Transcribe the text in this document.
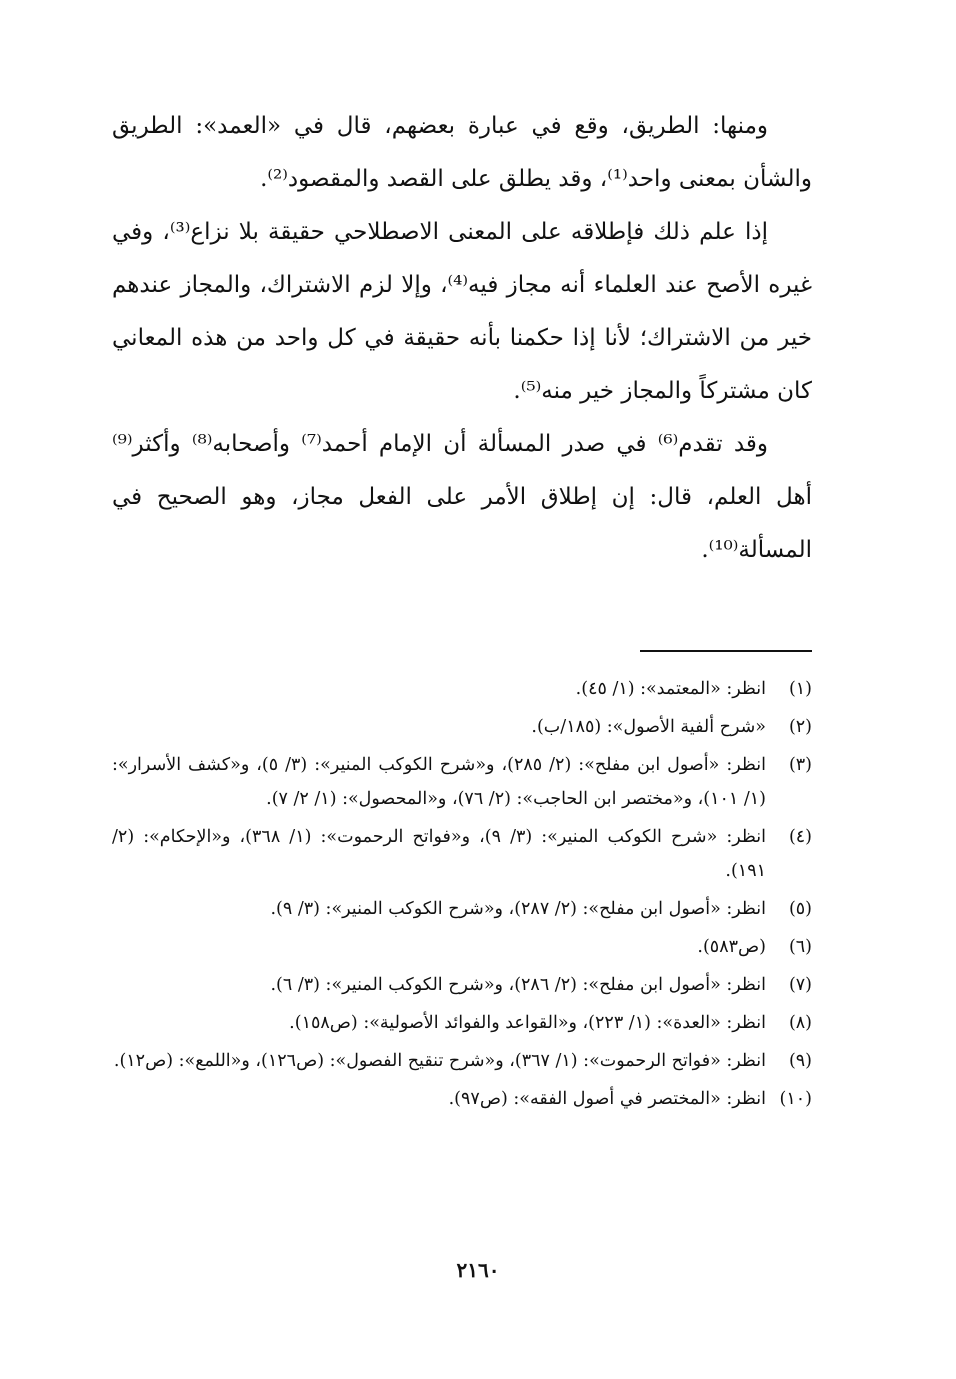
ومنها: الطريق، وقع في عبارة بعضهم، قال في «العمد»: الطريق والشأن بمعنى واحد⁽¹⁾، وقد يطلق على القصد والمقصود⁽²⁾.

إذا علم ذلك فإطلاقه على المعنى الاصطلاحي حقيقة بلا نزاع⁽³⁾، وفي غيره الأصح عند العلماء أنه مجاز فيه⁽⁴⁾، وإلا لزم الاشتراك، والمجاز عندهم خير من الاشتراك؛ لأنا إذا حكمنا بأنه حقيقة في كل واحد من هذه المعاني كان مشتركاً والمجاز خير منه⁽⁵⁾.

وقد تقدم⁽⁶⁾ في صدر المسألة أن الإمام أحمد⁽⁷⁾ وأصحابه⁽⁸⁾ وأكثر⁽⁹⁾ أهل العلم، قال: إن إطلاق الأمر على الفعل مجاز، وهو الصحيح في المسألة⁽¹⁰⁾.

(١)
انظر: «المعتمد»: (١/ ٤٥).
(٢)
«شرح ألفية الأصول»: (١٨٥/ب).
(٣)
انظر: «أصول ابن مفلح»: (٢/ ٢٨٥)، و«شرح الكوكب المنير»: (٣/ ٥)، و«كشف الأسرار»: (١/ ١٠١)، و«مختصر ابن الحاجب»: (٢/ ٧٦)، و«المحصول»: (١/ ٢/ ٧).
(٤)
انظر: «شرح الكوكب المنير»: (٣/ ٩)، و«فواتح الرحموت»: (١/ ٣٦٨)، و«الإحكام»: (٢/ ١٩١).
(٥)
انظر: «أصول ابن مفلح»: (٢/ ٢٨٧)، و«شرح الكوكب المنير»: (٣/ ٩).
(٦)
(ص٥٨٣).
(٧)
انظر: «أصول ابن مفلح»: (٢/ ٢٨٦)، و«شرح الكوكب المنير»: (٣/ ٦).
(٨)
انظر: «العدة»: (١/ ٢٢٣)، و«القواعد والفوائد الأصولية»: (ص١٥٨).
(٩)
انظر: «فواتح الرحموت»: (١/ ٣٦٧)، و«شرح تنقيح الفصول»: (ص١٢٦)، و«اللمع»: (ص١٢).
(١٠)
انظر: «المختصر في أصول الفقه»: (ص٩٧).
٢١٦٠
